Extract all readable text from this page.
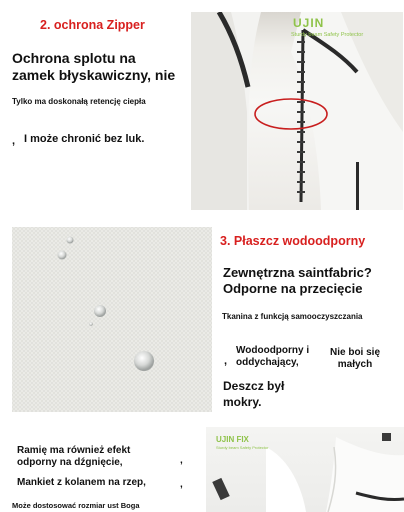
2. ochrona Zipper
Ochrona splotu na
zamek błyskawiczny, nie
Tylko ma doskonałą retencję ciepła
, I może chronić bez luk.
UJIN
Sturdy beam Safety Protector
3. Płaszcz wodoodporny
Zewnętrzna saintfabric?
Odporne na przecięcie
Tkanina z funkcją samooczyszczania
,
Wodoodporny i
oddychający,
Nie boi się
małych
Deszcz był
mokry.
Ramię ma również efekt
odporny na dźgnięcie,	,
Mankiet z kolanem na rzep,	,
Może dostosować rozmiar ust Boga
UJIN FIX
Sturdy beam Safety Protector
